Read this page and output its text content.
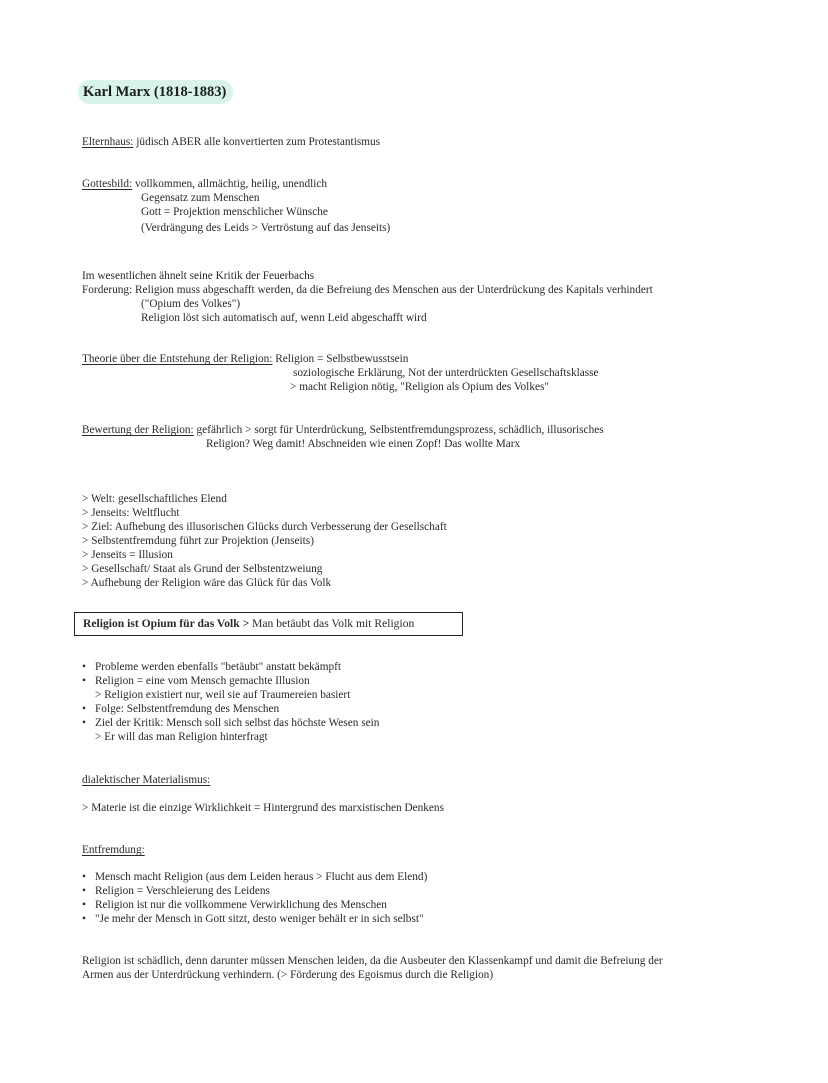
Karl Marx (1818-1883)
Elternhaus: jüdisch ABER alle konvertierten zum Protestantismus
Gottesbild: vollkommen, allmächtig, heilig, unendlich
Gegensatz zum Menschen
Gott = Projektion menschlicher Wünsche
(Verdrängung des Leids > Vertröstung auf das Jenseits)
Im wesentlichen ähnelt seine Kritik der Feuerbachs
Forderung: Religion muss abgeschafft werden, da die Befreiung des Menschen aus der Unterdrückung des Kapitals verhindert
("Opium des Volkes")
Religion löst sich automatisch auf, wenn Leid abgeschafft wird
Theorie über die Entstehung der Religion: Religion = Selbstbewusstsein
soziologische Erklärung, Not der unterdrückten Gesellschaftsklasse
> macht Religion nötig, "Religion als Opium des Volkes"
Bewertung der Religion: gefährlich > sorgt für Unterdrückung, Selbstentfremdungsprozess, schädlich, illusorisches
Religion? Weg damit! Abschneiden wie einen Zopf! Das wollte Marx
> Welt: gesellschaftliches Elend
> Jenseits: Weltflucht
> Ziel: Aufhebung des illusorischen Glücks durch Verbesserung der Gesellschaft
> Selbstentfremdung führt zur Projektion (Jenseits)
> Jenseits = Illusion
> Gesellschaft/ Staat als Grund der Selbstentzweiung
> Aufhebung der Religion wäre das Glück für das Volk
Religion ist Opium für das Volk > Man betäubt das Volk mit Religion
• Probleme werden ebenfalls "betäubt" anstatt bekämpft
• Religion = eine vom Mensch gemachte Illusion
> Religion existiert nur, weil sie auf Traumereien basiert
• Folge: Selbstentfremdung des Menschen
• Ziel der Kritik: Mensch soll sich selbst das höchste Wesen sein
> Er will das man Religion hinterfragt
dialektischer Materialismus:
> Materie ist die einzige Wirklichkeit = Hintergrund des marxistischen Denkens
Entfremdung:
• Mensch macht Religion (aus dem Leiden heraus > Flucht aus dem Elend)
• Religion = Verschleierung des Leidens
• Religion ist nur die vollkommene Verwirklichung des Menschen
• "Je mehr der Mensch in Gott sitzt, desto weniger behält er in sich selbst"
Religion ist schädlich, denn darunter müssen Menschen leiden, da die Ausbeuter den Klassenkampf und damit die Befreiung der
Armen aus der Unterdrückung verhindern. (> Förderung des Egoismus durch die Religion)
